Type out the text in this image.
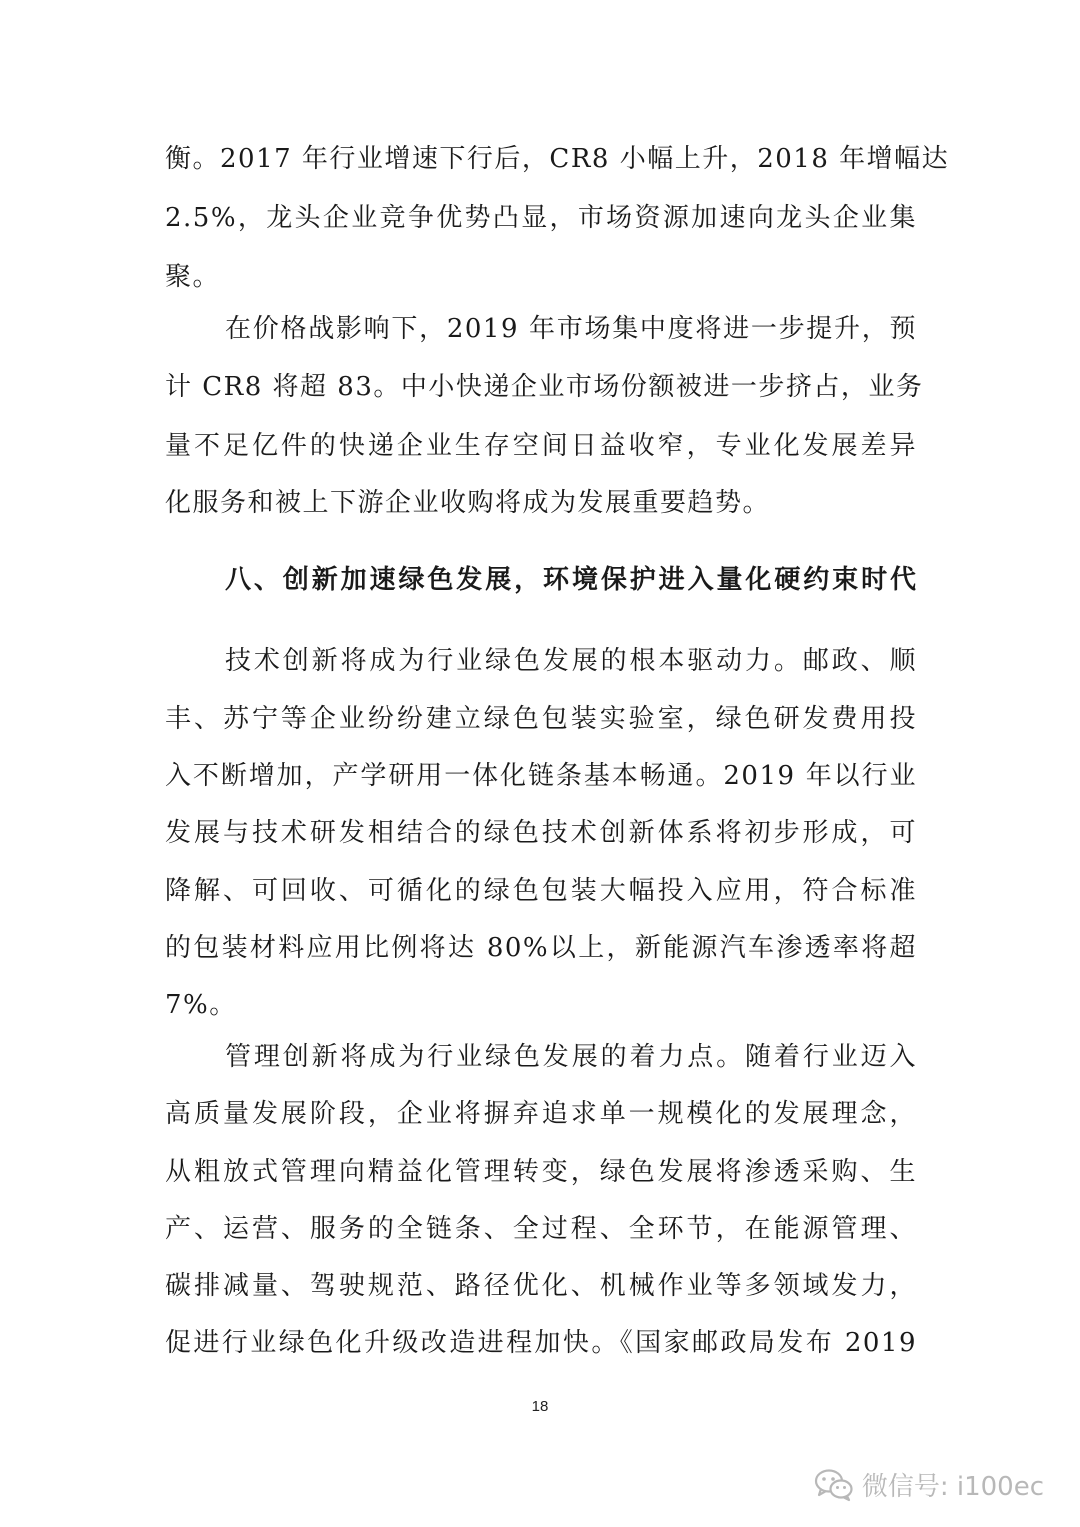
衡。2017 年行业增速下行后，CR8 小幅上升，2018 年增幅达
2.5%，龙头企业竞争优势凸显，市场资源加速向龙头企业集
聚。
在价格战影响下，2019 年市场集中度将进一步提升，预
计 CR8 将超 83。中小快递企业市场份额被进一步挤占，业务
量不足亿件的快递企业生存空间日益收窄，专业化发展差异
化服务和被上下游企业收购将成为发展重要趋势。
八、创新加速绿色发展，环境保护进入量化硬约束时代
技术创新将成为行业绿色发展的根本驱动力。邮政、顺
丰、苏宁等企业纷纷建立绿色包装实验室，绿色研发费用投
入不断增加，产学研用一体化链条基本畅通。2019 年以行业
发展与技术研发相结合的绿色技术创新体系将初步形成，可
降解、可回收、可循化的绿色包装大幅投入应用，符合标准
的包装材料应用比例将达 80%以上，新能源汽车渗透率将超
7%。
管理创新将成为行业绿色发展的着力点。随着行业迈入
高质量发展阶段，企业将摒弃追求单一规模化的发展理念，
从粗放式管理向精益化管理转变，绿色发展将渗透采购、生
产、运营、服务的全链条、全过程、全环节，在能源管理、
碳排减量、驾驶规范、路径优化、机械作业等多领域发力，
促进行业绿色化升级改造进程加快。《国家邮政局发布 2019
18
微信号: i100ec
